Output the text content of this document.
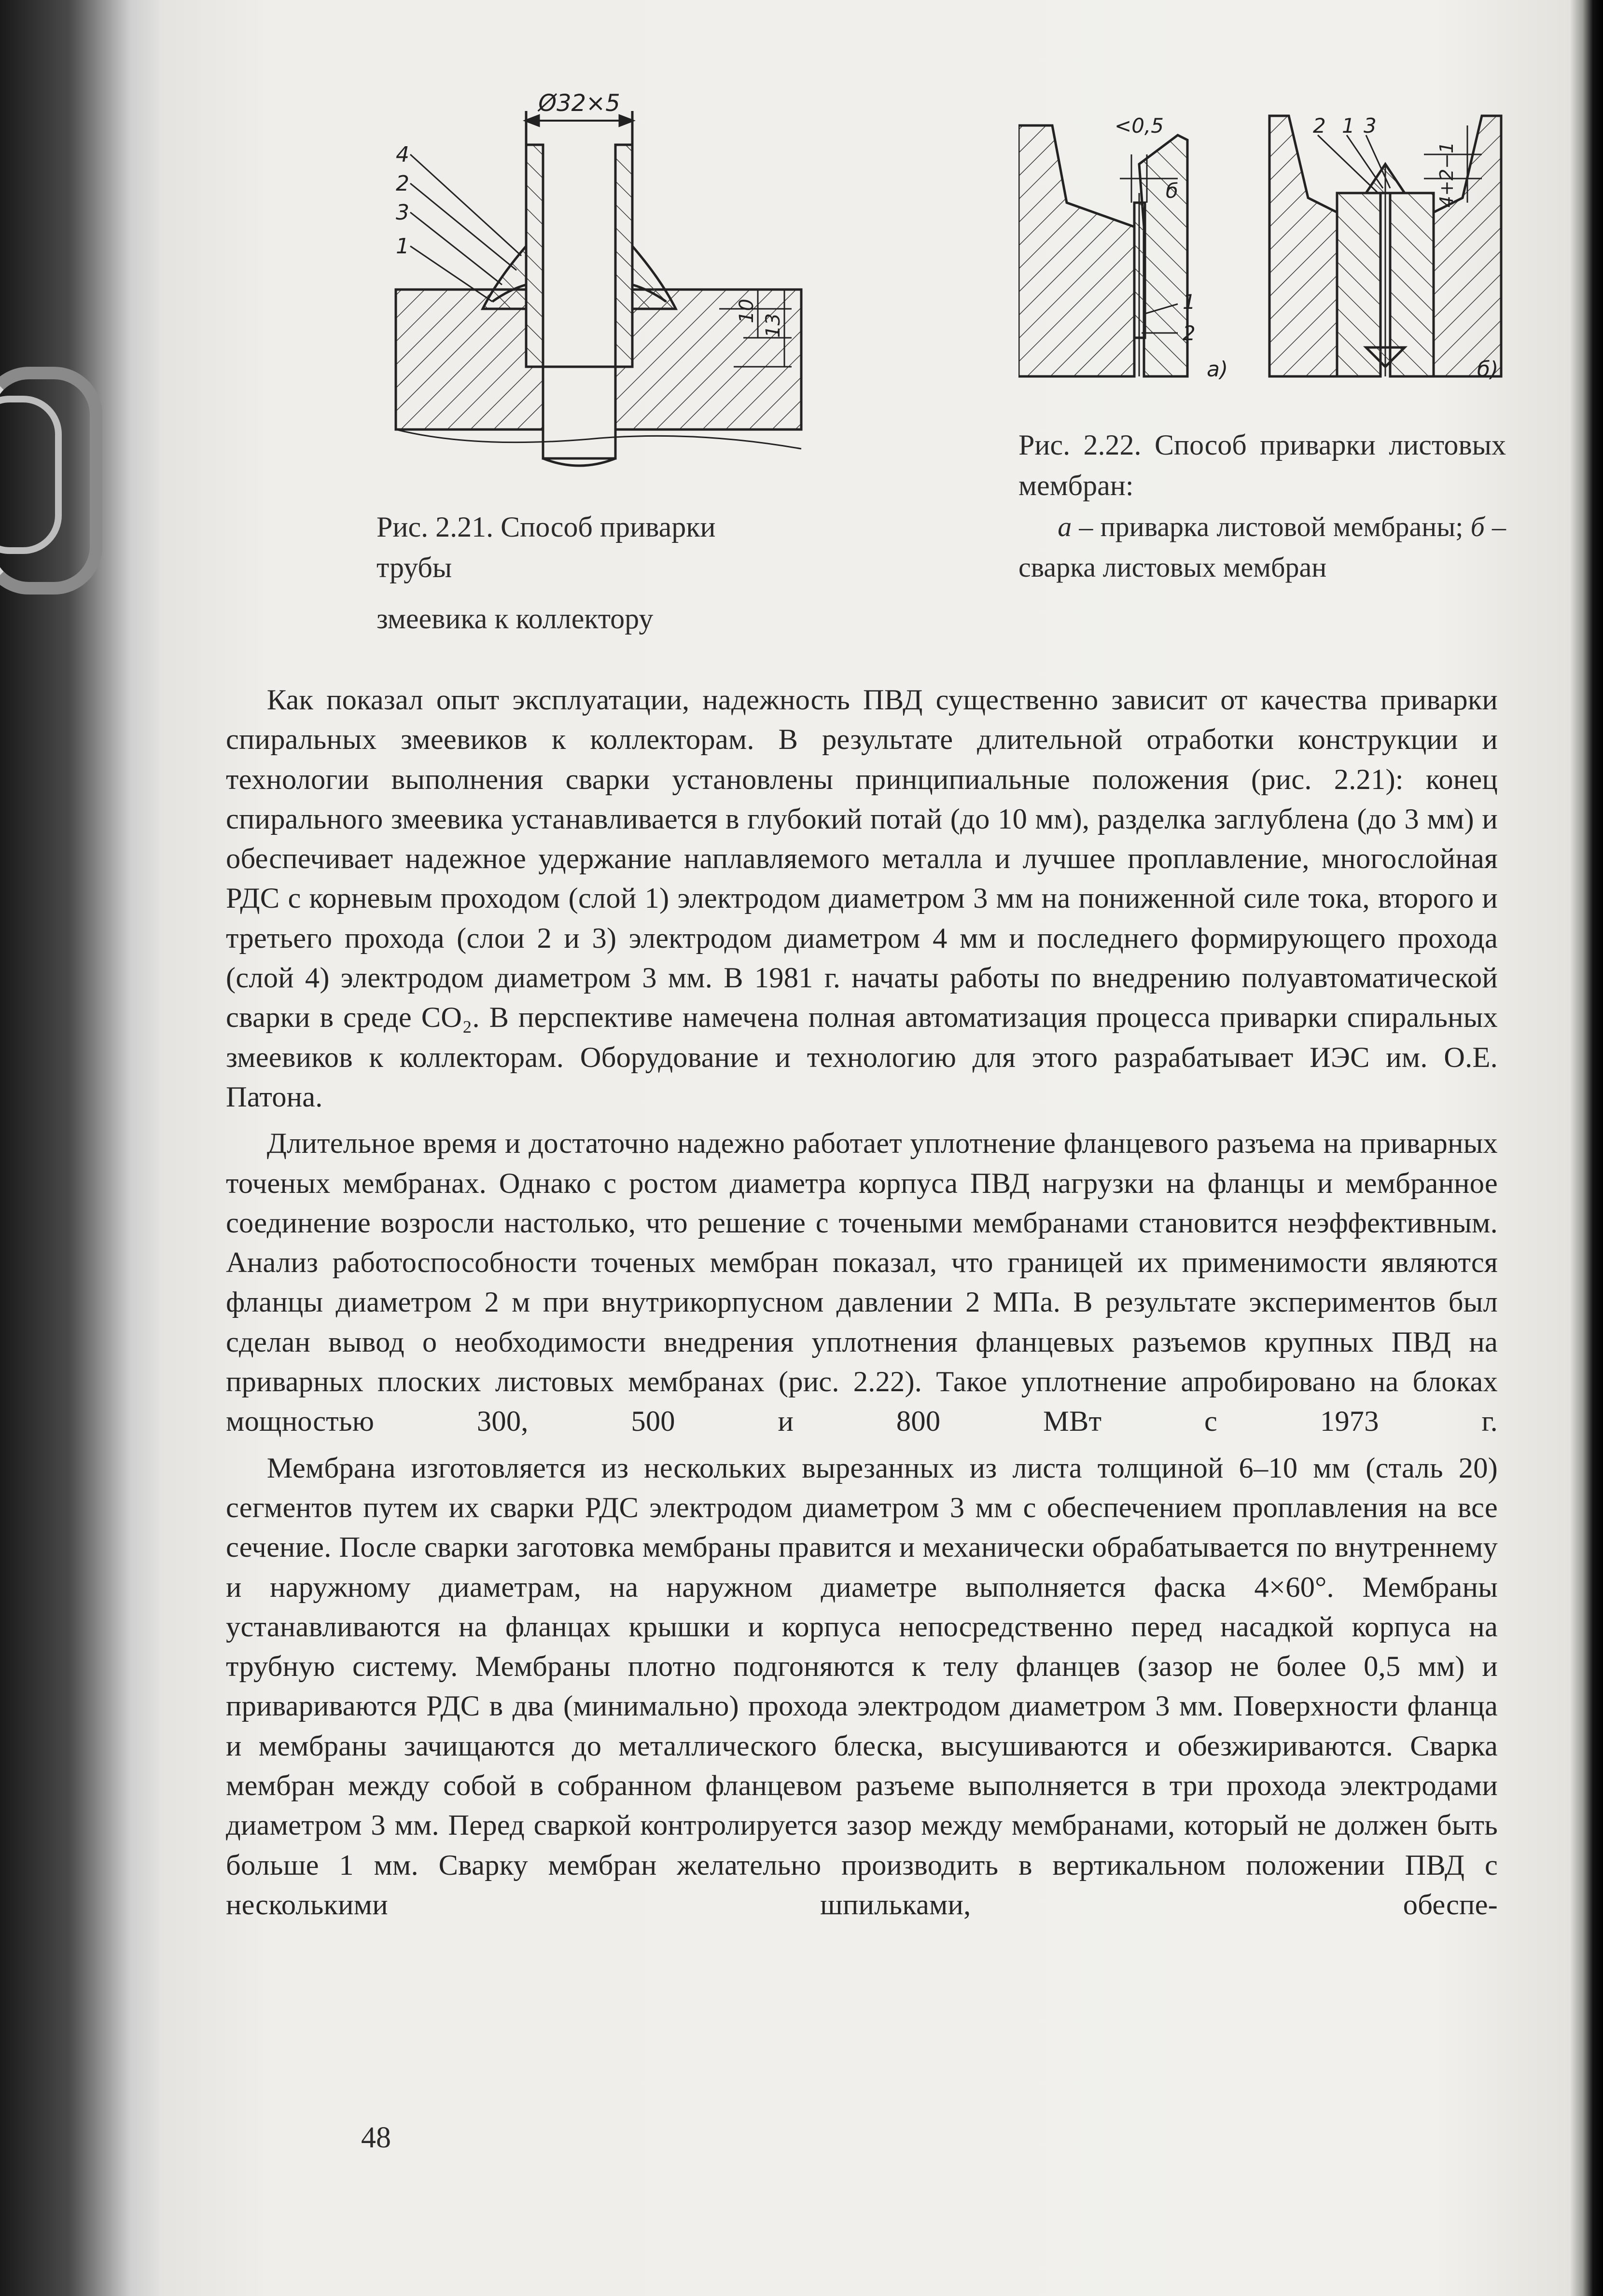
Ø32×5
10
13
4
2
3
1

Рис. 2.21. Способ приварки трубы
змеевика к коллектору

<0,5
б
1
2
а)
2 1 3
4+2−1
б)

Рис. 2.22. Способ приварки листовых мембран:

а – приварка листовой мембраны; б – сварка листовых мембран

Как показал опыт эксплуатации, надежность ПВД существенно зависит от качества приварки спиральных змеевиков к коллекторам. В результате длительной отработки конструкции и технологии выполнения сварки установлены принципиальные положения (рис. 2.21): конец спирального змеевика устанавливается в глубокий потай (до 10 мм), разделка заглублена (до 3 мм) и обеспечивает надежное удержание наплавляемого металла и лучшее проплавление, многослойная РДС с корневым проходом (слой 1) электродом диаметром 3 мм на пониженной силе тока, второго и третьего прохода (слои 2 и 3) электродом диаметром 4 мм и последнего формирующего прохода (слой 4) электродом диаметром 3 мм. В 1981 г. начаты работы по внедрению полуавтоматической сварки в среде CO₂. В перспективе намечена полная автоматизация процесса приварки спиральных змеевиков к коллекторам. Оборудование и технологию для этого разрабатывает ИЭС им. О.Е. Патона.

Длительное время и достаточно надежно работает уплотнение фланцевого разъема на приварных точеных мембранах. Однако с ростом диаметра корпуса ПВД нагрузки на фланцы и мембранное соединение возросли настолько, что решение с точеными мембранами становится неэффективным. Анализ работоспособности точеных мембран показал, что границей их применимости являются фланцы диаметром 2 м при внутрикорпусном давлении 2 МПа. В результате экспериментов был сделан вывод о необходимости внедрения уплотнения фланцевых разъемов крупных ПВД на приварных плоских листовых мембранах (рис. 2.22). Такое уплотнение апробировано на блоках мощностью 300, 500 и 800 МВт с 1973 г.

Мембрана изготовляется из нескольких вырезанных из листа толщиной 6–10 мм (сталь 20) сегментов путем их сварки РДС электродом диаметром 3 мм с обеспечением проплавления на все сечение. После сварки заготовка мембраны правится и механически обрабатывается по внутреннему и наружному диаметрам, на наружном диаметре выполняется фаска 4×60°. Мембраны устанавливаются на фланцах крышки и корпуса непосредственно перед насадкой корпуса на трубную систему. Мембраны плотно подгоняются к телу фланцев (зазор не более 0,5 мм) и привариваются РДС в два (минимально) прохода электродом диаметром 3 мм. Поверхности фланца и мембраны зачищаются до металлического блеска, высушиваются и обезжириваются. Сварка мембран между собой в собранном фланцевом разъеме выполняется в три прохода электродами диаметром 3 мм. Перед сваркой контролируется зазор между мембранами, который не должен быть больше 1 мм. Сварку мембран желательно производить в вертикальном положении ПВД с несколькими шпильками, обеспе-

48
